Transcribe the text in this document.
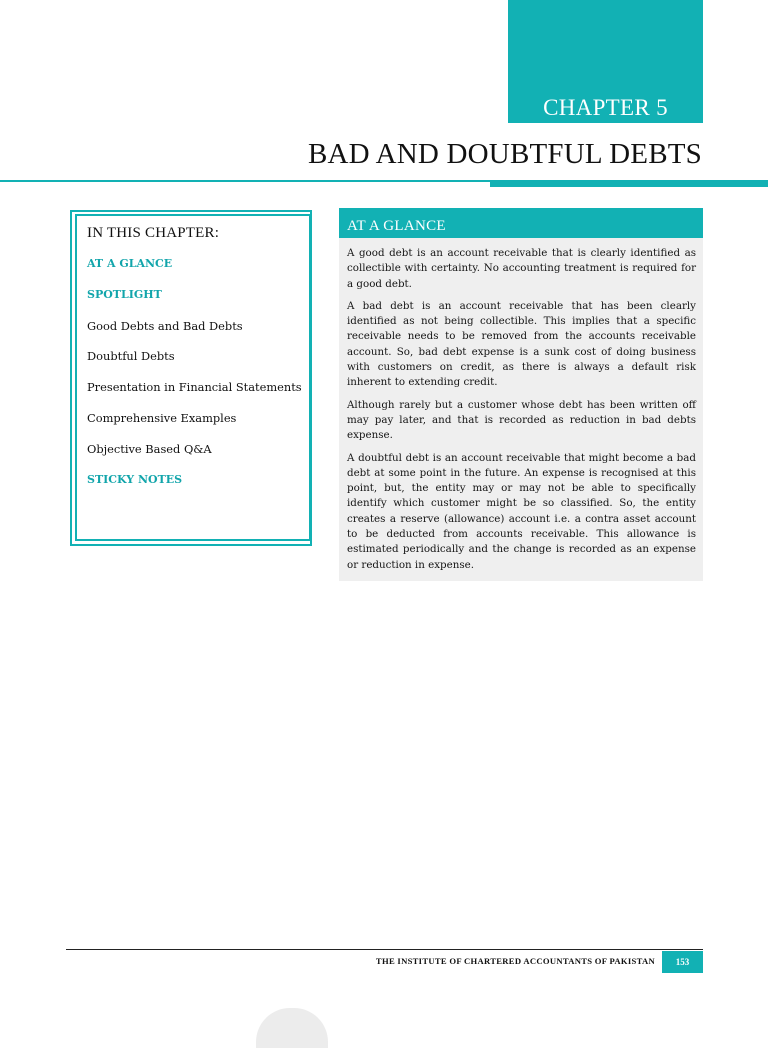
CHAPTER 5
BAD AND DOUBTFUL DEBTS
IN THIS CHAPTER:
AT A GLANCE
SPOTLIGHT
Good Debts and Bad Debts
Doubtful Debts
Presentation in Financial Statements
Comprehensive Examples
Objective Based Q&A
STICKY NOTES
AT A GLANCE

A good debt is an account receivable that is clearly identified as collectible with certainty. No accounting treatment is required for a good debt.

A bad debt is an account receivable that has been clearly identified as not being collectible. This implies that a specific receivable needs to be removed from the accounts receivable account. So, bad debt expense is a sunk cost of doing business with customers on credit, as there is always a default risk inherent to extending credit.

Although rarely but a customer whose debt has been written off may pay later, and that is recorded as reduction in bad debts expense.

A doubtful debt is an account receivable that might become a bad debt at some point in the future. An expense is recognised at this point, but, the entity may or may not be able to specifically identify which customer might be so classified. So, the entity creates a reserve (allowance) account i.e. a contra asset account to be deducted from accounts receivable. This allowance is estimated periodically and the change is recorded as an expense or reduction in expense.

THE INSTITUTE OF CHARTERED ACCOUNTANTS OF PAKISTAN	153
